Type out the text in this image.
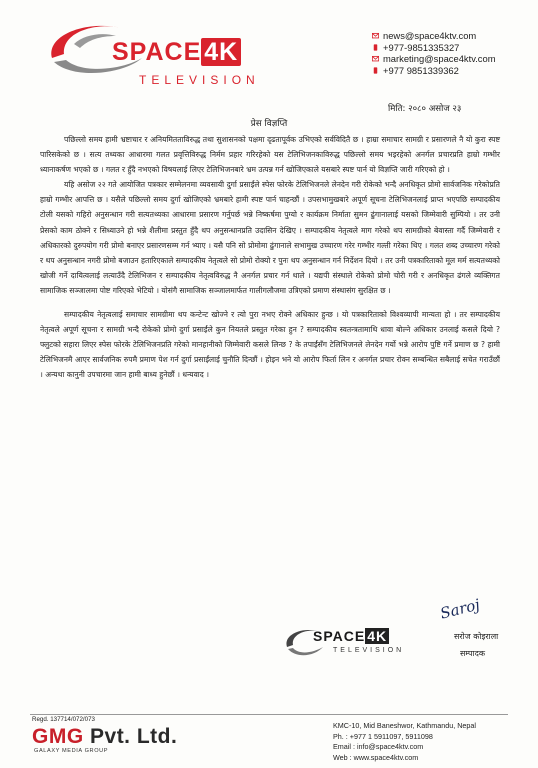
SPACE 4K
TELEVISION
news@space4ktv.com
+977-9851335327
marketing@space4ktv.com
+977 9851339362
मिति: २०८० असोज २३
प्रेस विज्ञप्ति

पछिल्लो समय हामी भ्रष्टाचार र अनियमितताविरुद्ध तथा सुशासनको पक्षमा दृढतापूर्वक उभिएको सर्वविदितै छ । हाम्रा समाचार सामग्री र प्रसारणले नै यो कुरा स्पष्ट पारिसकेको छ । सत्य तथ्यका आधारमा गलत प्रवृत्तिविरुद्ध निर्मम प्रहार गरिरहेको यस टेलिभिजनकाविरुद्ध पछिल्लो समय भइरहेको अनर्गल प्रचारप्रति हाम्रो गम्भीर ध्यानाकर्षण भएको छ । गलत र हुँदै नभएको विषयलाई लिएर टेलिभिजनबारे भ्रम उत्पन्न गर्न खोजिएकाले यसबारे स्पष्ट पार्न यो विज्ञप्ति जारी गरिएको हो ।

यहि असोज २२ गते आयोजित पत्रकार सम्मेलनमा व्यवसायी दुर्गा प्रसाईंले स्पेस फोरके टेलिभिजनले लेनदेन गरी रोकेको भन्दै अनधिकृत प्रोमो सार्वजनिक गरेकोप्रति हाम्रो गम्भीर आपत्ति छ । यसैले पछिल्लो समय दुर्गा खोजिएको भ्रमबारे हामी स्पष्ट पार्न चाहन्छौं । उपसभामुखबारे अपूर्ण सूचना टेलिभिजनलाई प्राप्त भएपछि सम्पादकीय टोली यसको गहिरो अनुसन्धान गरी सत्यतथ्यका आधारमा प्रसारण गर्नुपर्छ भन्ने निष्कर्षमा पुग्यो र कार्यक्रम निर्माता सुमन ढुंगानालाई यसको जिम्मेवारी सुम्पियो । तर उनी प्रेसको काम ठोक्ने र सिध्याउने हो भन्ने शैलीमा प्रस्तुत हुँदै थप अनुसन्धानप्रति उदासिन देखिए । सम्पादकीय नेतृत्वले माग गरेको थप सामग्रीको बेवास्ता गर्दै जिम्मेवारी र अधिकारको दुरुपयोग गरी प्रोमो बनाएर प्रसारणसम्म गर्न भ्याए । यसै पनि सो प्रोमोमा ढुंगानाले सभामुख उच्चारण गरेर गम्भीर गल्ती गरेका थिए । गलत शब्द उच्चारण गरेको र थप अनुसन्धान नगरी प्रोमो बजाउन हतारिएकाले सम्पादकीय नेतृत्वले सो प्रोमो रोक्यो र पुनः थप अनुसन्धान गर्न निर्देशन दियो । तर उनी पत्रकारिताको मूल मर्म सत्यतथ्यको खोजी गर्ने दायित्वलाई लत्याउँदै टेलिभिजन र सम्पादकीय नेतृत्वविरुद्ध नै अनर्गल प्रचार गर्न थाले । यद्यपी संस्थाले रोकेको प्रोमो चोरी गरी र अनधिकृत ढंगले व्यक्तिगत सामाजिक सञ्जालमा पोष्ट गरिएको भेटियो । योसंगै सामाजिक सञ्जालमार्फत गालीगलौजमा उत्रिएको प्रमाण संस्थासंग सुरक्षित छ ।

सम्पादकीय नेतृत्वलाई समाचार सामग्रीमा थप कन्टेन्ट खोज्ने र त्यो पुरा नभए रोक्ने अधिकार हुन्छ । यो पत्रकारिताको विश्वव्यापी मान्यता हो । तर सम्पादकीय नेतृत्वले अपूर्ण सूचना र सामग्री भन्दै रोकेको प्रोमो दुर्गा प्रसाईंले कुन नियतले प्रस्तुत गरेका हुन ? सम्पादकीय स्वतन्त्रतामाथि धावा बोल्ने अधिकार उनलाई कसले दियो ? फ्लुटको सहारा लिएर स्पेस फोरके टेलिभिजनप्रति गरेको मानहानीको जिम्मेवारी कसले लिन्छ ? के तपाईंसँग टेलिभिजनले लेनदेन गर्यो भन्ने आरोप पुष्टि गर्ने प्रमाण छ ? हामी टेलिभिजनमै आएर सार्वजनिक रुपमै प्रमाण पेश गर्न दुर्गा प्रसाईंलाई चुनौति दिन्छौं । होइन भने यो आरोप फिर्ता लिन र अनर्गल प्रचार रोक्न सम्बन्धित सबैलाई सचेत गराउँछौं । अन्यथा कानुनी उपचारमा जान हामी बाध्य हुनेछौं । धन्यवाद ।

SPACE 4K
TELEVISION
Saroj
सरोज कोइराला
सम्पादक
Regd. 137714/072/073
GMG Pvt. Ltd.
GALAXY MEDIA GROUP
KMC-10, Mid Baneshwor, Kathmandu, Nepal
Ph. : +977 1 5911097, 5911098
Email : info@space4ktv.com
Web : www.space4ktv.com
